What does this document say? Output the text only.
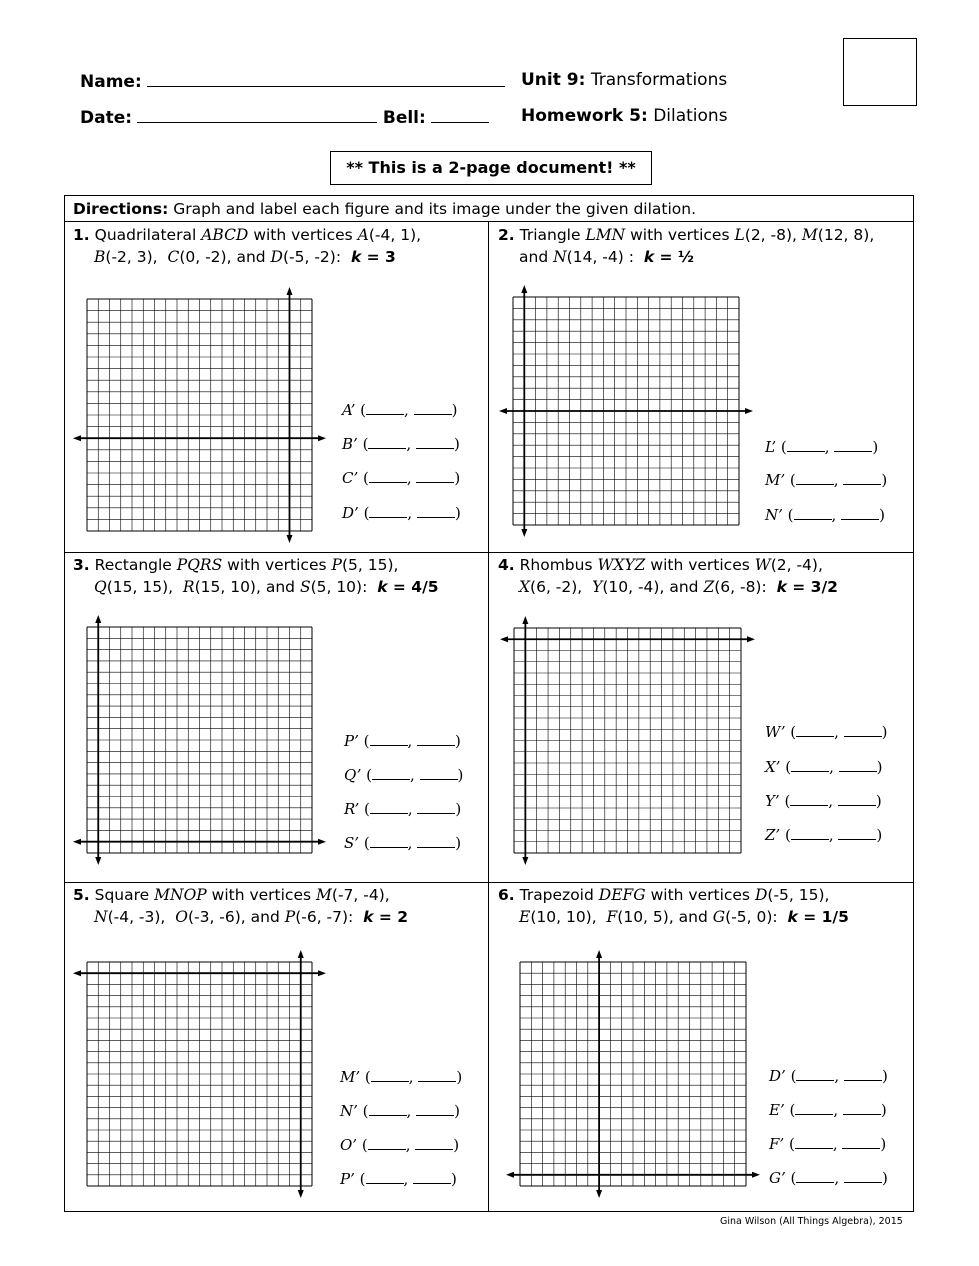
Name:
Date:	Bell:
Unit 9: Transformations
Homework 5: Dilations
** This is a 2-page document! **
Directions: Graph and label each figure and its image under the given dilation.
1. Quadrilateral ABCD with vertices A(-4, 1),
B(-2, 3), C(0, -2), and D(-5, -2): k = 3
2. Triangle LMN with vertices L(2, -8), M(12, 8),
and N(14, -4) : k = ½
3. Rectangle PQRS with vertices P(5, 15),
Q(15, 15), R(15, 10), and S(5, 10): k = 4/5
4. Rhombus WXYZ with vertices W(2, -4),
X(6, -2), Y(10, -4), and Z(6, -8): k = 3/2
5. Square MNOP with vertices M(-7, -4),
N(-4, -3), O(-3, -6), and P(-6, -7): k = 2
6. Trapezoid DEFG with vertices D(-5, 15),
E(10, 10), F(10, 5), and G(-5, 0): k = 1/5
A’ (	,	)
B’ (	,	)
C’ (	,	)
D’ (	,	)
L’ (	,	)
M’ (	,	)
N’ (	,	)
P’ (	,	)
Q’ (	,	)
R’ (	,	)
S’ (	,	)
W’ (	,	)
X’ (	,	)
Y’ (	,	)
Z’ (	,	)
M’ (	,	)
N’ (	,	)
O’ (	,	)
P’ (	,	)
D’ (	,	)
E’ (	,	)
F’ (	,	)
G’ (	,	)
Gina Wilson (All Things Algebra), 2015
